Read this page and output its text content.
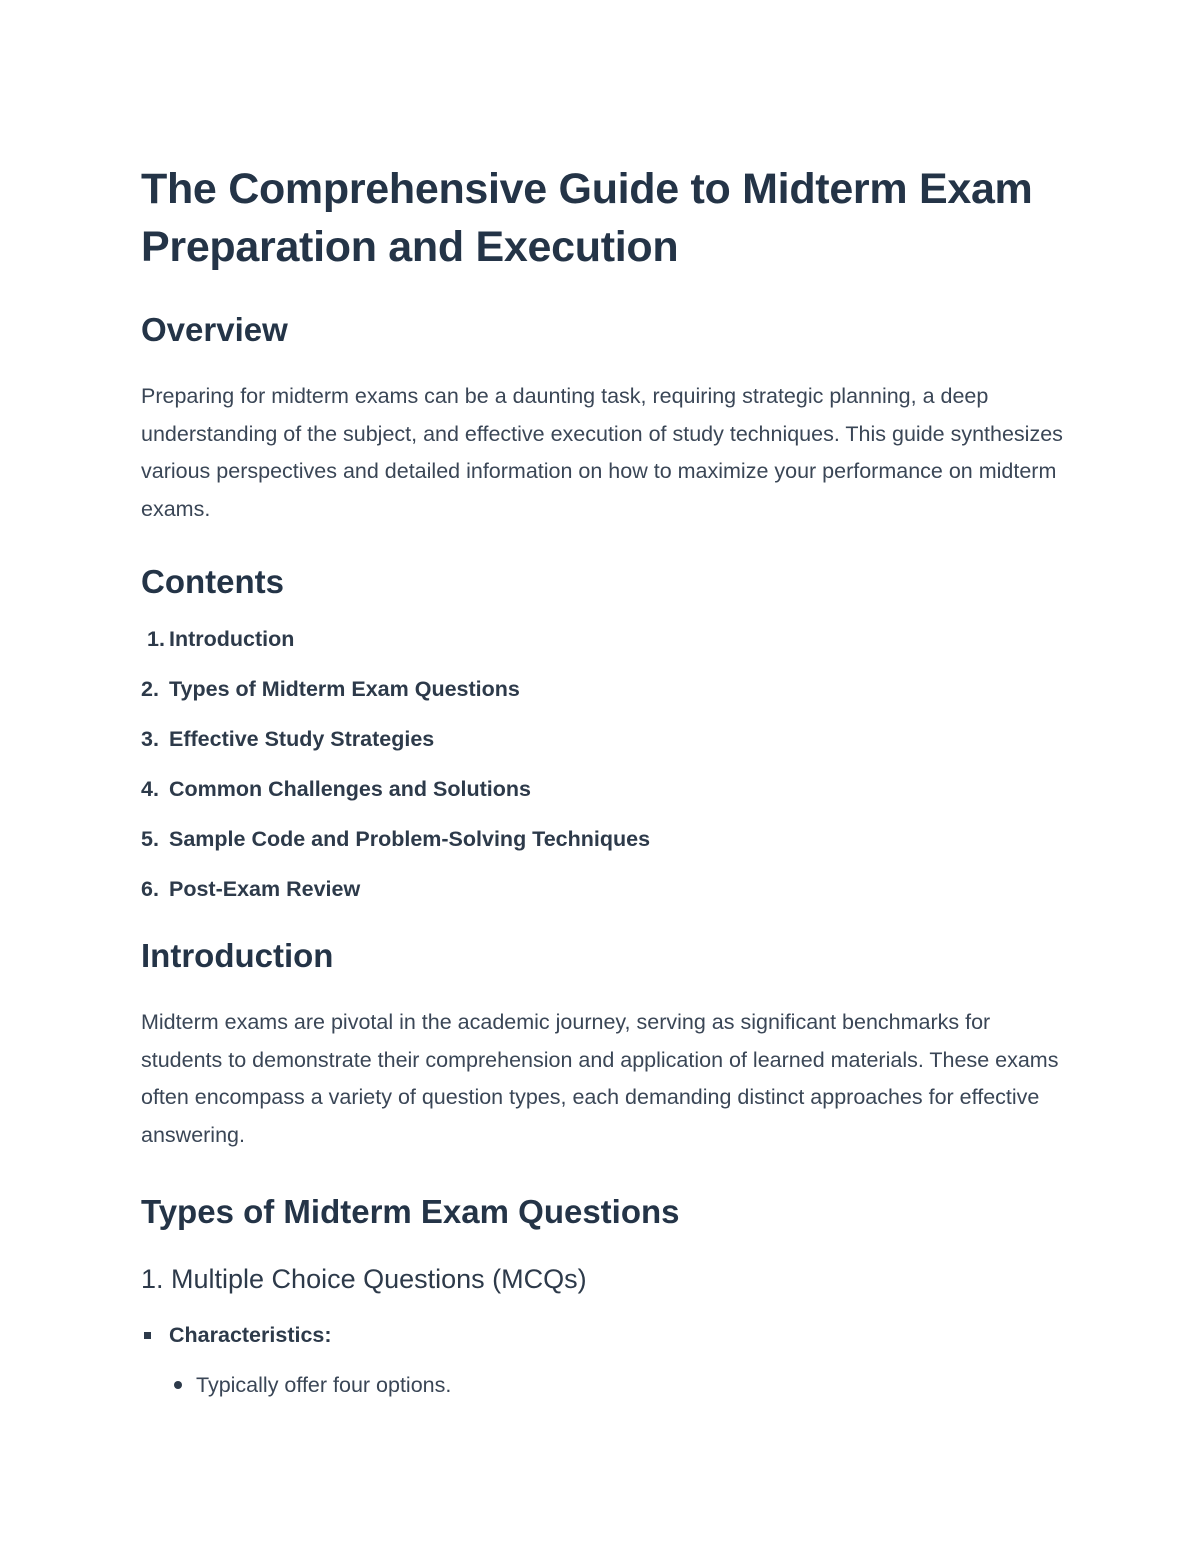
The Comprehensive Guide to Midterm Exam Preparation and Execution
Overview

Preparing for midterm exams can be a daunting task, requiring strategic planning, a deep understanding of the subject, and effective execution of study techniques. This guide synthesizes various perspectives and detailed information on how to maximize your performance on midterm exams.

Contents
1. Introduction
2. Types of Midterm Exam Questions
3. Effective Study Strategies
4. Common Challenges and Solutions
5. Sample Code and Problem-Solving Techniques
6. Post-Exam Review
Introduction

Midterm exams are pivotal in the academic journey, serving as significant benchmarks for students to demonstrate their comprehension and application of learned materials. These exams often encompass a variety of question types, each demanding distinct approaches for effective answering.

Types of Midterm Exam Questions
1. Multiple Choice Questions (MCQs)
Characteristics:
Typically offer four options.
